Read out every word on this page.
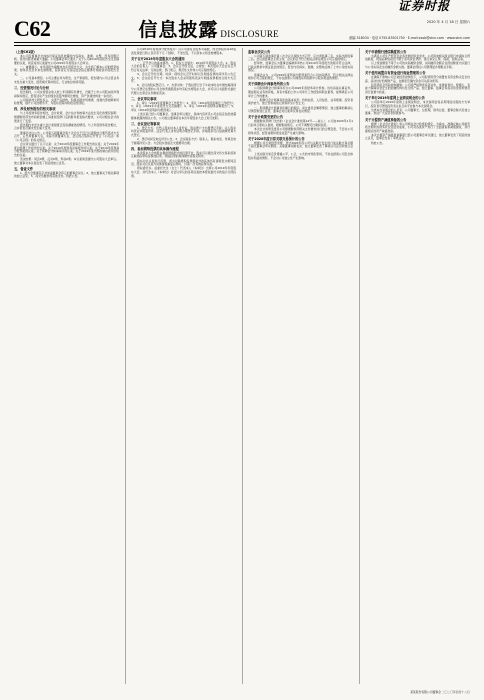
C62	信息披露 DISCLOSURE	邮编 518034 · 电话 0755-83501750 · E-mail:xxsb@stcn.com · www.stcn.com
证券时报
2020 年 4 月 18 日 星期六
（上接C61版）

本公司及董事会全体成员保证信息披露的内容真实、准确、完整，没有虚假记载、误导性陈述或重大遗漏。公司董事会审议通过了关于公司2019年度报告全文及摘要的议案，同意将该议案提交公司2019年年度股东大会审议。

一、重要提示。本年度报告摘要来自年度报告全文，为全面了解本公司的经营成果、财务状况及未来发展规划，投资者应当到证监会指定媒体仔细阅读年度报告全文。

二、公司基本情况。公司主要业务为研发、生产和销售，报告期内公司主营业务未发生重大变化，经营模式保持稳定，行业地位持续巩固。

三、经营情况讨论与分析

报告期内，公司实现营业收入较上年同期有所增长，归属于上市公司股东的净利润保持稳定，经营活动产生的现金流量净额同比增加，资产负债结构进一步优化。

公司持续加大研发投入，完善产品结构，积极拓展市场渠道，加强内部控制和风险管理，提升公司治理水平，为股东创造持续稳定的回报。

四、涉及财务报告的相关事项

与上年度财务报告相比，会计政策、会计估计和核算方法发生变化的情况说明：根据财政部发布的新金融工具准则及修订后的财务报表格式要求，公司对相关会计政策进行了变更。

报告期内未发生重大会计差错更正需追溯重述的情况。与上年度财务报告相比，合并报表范围未发生重大变化。

董事会决议公告。公司第五届董事会第十次会议于近日以现场结合通讯表决方式召开，应出席董事九名，实际出席董事九名，会议的召集和召开符合《公司法》和《公司章程》的有关规定。

会议审议通过了以下议案：关于2019年度董事会工作报告的议案；关于2019年度总经理工作报告的议案；关于2019年度财务决算报告的议案；关于2019年度利润分配预案的议案；关于续聘会计师事务所的议案；关于2019年度内部控制自我评价报告的议案。

表决结果：同意9票，反对0票，弃权0票。本议案尚需提交公司股东大会审议。独立董事对本议案发表了同意的独立意见。

五、备查文件

1、经与会董事签字并加盖董事会印章的董事会决议；2、独立董事关于相关事项的独立意见；3、深交所要求的其他文件。特此公告。

公司2019年度利润分配预案为：以公司现有总股本为基数，向全体股东每10股派发现金红利人民币若干元（含税），不送红股，不以资本公积金转增股本。

关于召开2019年年度股东大会的通知

一、召开会议的基本情况。1、股东大会届次：2019年年度股东大会。2、股东大会的召集人：公司董事会。3、会议召开的合法、合规性：本次股东大会会议召开符合有关法律、行政法规、部门规章、规范性文件和公司章程的规定。

4、会议召开的日期、时间：现场会议召开时间以及网络投票时间详见公告正文。5、会议的召开方式：本次股东大会采用现场表决与网络投票相结合的方式召开。

6、会议的股权登记日。7、出席对象：于股权登记日下午收市时在中国结算深圳分公司登记在册的公司全体普通股股东均有权出席股东大会，并可以以书面形式委托代理人出席会议和参加表决。

二、会议审议事项

1、审议《2019年度董事会工作报告》；2、审议《2019年度监事会工作报告》；3、审议《2019年年度报告全文及摘要》；4、审议《2019年度财务决算报告》；5、审议《2019年度利润分配预案》。

上述议案已经公司董事会、监事会审议通过，具体内容详见公司在指定信息披露媒体披露的相关公告。公司独立董事将在本次年度股东大会上进行述职。

三、会议登记等事项

1、登记方式：自然人股东持本人身份证、股东账户卡办理登记手续；法人股东持营业执照复印件、法定代表人身份证明办理登记手续。异地股东可以信函或传真方式登记。

2、登记时间及地点详见公告。3、会议联系方式：联系人、联系电话、传真及电子邮箱详见公告。与会股东食宿及交通费用自理。

四、参加网络投票的具体操作流程

本次股东大会向股东提供网络形式的投票平台，股东可以通过深交所交易系统和互联网投票系统参加投票，网络投票的具体操作流程见附件。

股东对总议案进行投票，视为对除累积投票提案外的其他所有提案表达相同意见。股东对总议案与具体提案重复投票时，以第一次有效投票为准。

授权委托书。兹委托先生（女士）代表本人（本单位）出席公司2019年年度股东大会，并代表本人（本单位）对会议审议的各项议案按本授权委托书的指示行使投票。

监事会决议公告

公司第五届监事会第八次会议以现场方式召开，应出席监事三名，实际出席监事三名。会议由监事会主席主持，会议的召开符合相关法律法规及公司章程的规定。

经审核，监事会认为董事会编制和审核公司2019年年度报告的程序符合法律、行政法规和中国证监会的规定，报告内容真实、准确、完整地反映了上市公司的实际情况。

监事会认为，公司2019年度利润分配预案符合公司实际情况，符合相关法律法规和公司章程的规定，不存在损害公司和股东特别是中小股东利益的情形。

关于续聘会计师事务所的公告

公司拟续聘会计师事务所为公司2020年度财务审计机构。该所具备从事证券、期货相关业务的资格，具有丰富的上市公司审计工作经验和职业素养，能够满足公司审计工作的要求。

一、拟聘任会计师事务所的基本信息：机构信息、人员信息、业务规模、投资者保护能力、独立性和诚信记录等详见公告正文。

二、拟续聘会计师事务所履行的程序：审计委员会履职情况、独立董事的事前认可情况和独立意见、董事会对议案审议和表决情况。

关于会计政策变更的公告

根据财政部修订发布的《企业会计准则第14号——收入》，公司自2020年1月1日起执行新收入准则，根据衔接规定，公司不调整可比期间信息。

本次会计政策变更是公司根据财政部相关文件要求进行的合理变更，不会对公司财务状况、经营成果和现金流量产生重大影响。

关于2020年度日常关联交易预计的公告

根据公司日常经营需要，预计2020年度公司与关联方发生的日常关联交易总额不超过董事会审议额度。关联董事回避表决，独立董事发表了事前认可意见和独立意见。

上述关联交易定价遵循公平、公正、公允的市场化原则，不存在损害公司及全体股东利益的情形，不会对公司独立性产生影响。

关于申请银行授信额度的公告

为满足公司生产经营及业务发展的资金需求，公司拟向相关商业银行申请综合授信额度，授信品种包括但不限于流动资金贷款、银行承兑汇票、保函、信用证等。

以上授信额度不等于公司的实际融资金额，实际融资金额应在授信额度内以银行与公司实际发生的融资金额为准。董事会授权公司管理层办理相关手续。

关于使用闲置自有资金进行现金管理的公告

在确保不影响公司正常经营的情况下，公司拟使用部分闲置自有资金购买安全性高、流动性好的理财产品，在额度范围内资金可以滚动使用。

投资风险及风险控制措施：公司将严格筛选投资对象，选择信誉好、规模大、有能力保障资金安全的金融机构所发行的产品，独立董事、监事会有权对资金使用情况进行监督与检查。

关于举行2019年度网上业绩说明会的公告

公司将举行2019年度网上业绩说明会，本次说明会将采用网络远程的方式举行，投资者可登陆投资者关系互动平台参与本次说明会。

出席本次说明会的人员有：公司董事长、总经理、财务总监、董事会秘书及独立董事。欢迎广大投资者积极参与。

关于计提资产减值准备的公告

根据《企业会计准则》和公司相关会计政策的规定，为真实、准确反映公司截至报告期末的财务状况及经营成果，公司对各类资产进行了全面清查和减值测试，并计提相应的资产减值准备。

本次计提资产减值准备事项已经公司董事会审议通过，独立董事发表了同意的独立意见，监事会发表了审核意见。

特此公告。

某某股份有限公司董事会 二〇二〇年四月十八日
